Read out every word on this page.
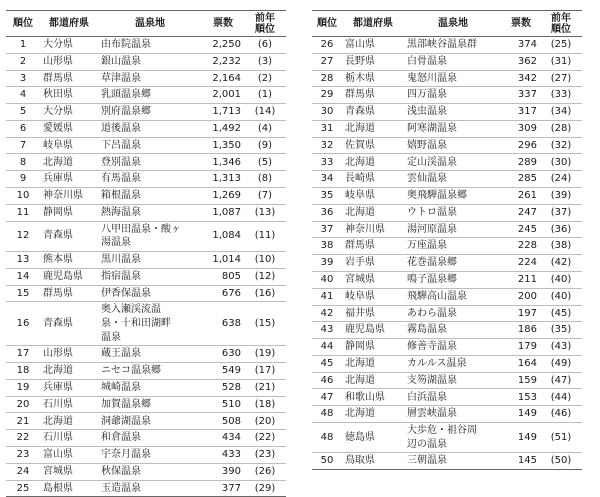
順位	都道府県	温泉地	票数	前年
順位

1	大分県	由布院温泉	2,250	(6)
2	山形県	銀山温泉	2,232	(3)
3	群馬県	草津温泉	2,164	(2)
4	秋田県	乳頭温泉郷	2,001	(1)
5	大分県	別府温泉郷	1,713	(14)
6	愛媛県	道後温泉	1,492	(4)
7	岐阜県	下呂温泉	1,350	(9)
8	北海道	登別温泉	1,346	(5)
9	兵庫県	有馬温泉	1,313	(8)
10	神奈川県	箱根温泉	1,269	(7)
11	静岡県	熱海温泉	1,087	(13)
12	青森県	八甲田温泉・酸ヶ
湯温泉	1,084	(11)
13	熊本県	黒川温泉	1,014	(10)
14	鹿児島県	指宿温泉	805	(12)
15	群馬県	伊香保温泉	676	(16)
16	青森県	奥入瀬渓流温
泉・十和田湖畔
温泉	638	(15)
17	山形県	蔵王温泉	630	(19)
18	北海道	ニセコ温泉郷	549	(17)
19	兵庫県	城崎温泉	528	(21)
20	石川県	加賀温泉郷	510	(18)
21	北海道	洞爺湖温泉	508	(20)
22	石川県	和倉温泉	434	(22)
23	富山県	宇奈月温泉	433	(23)
24	宮城県	秋保温泉	390	(26)
25	島根県	玉造温泉	377	(29)
順位	都道府県	温泉地	票数	前年
順位

26	富山県	黒部峡谷温泉群	374	(25)
27	長野県	白骨温泉	362	(31)
28	栃木県	鬼怒川温泉	342	(27)
29	群馬県	四万温泉	337	(33)
30	青森県	浅虫温泉	317	(34)
31	北海道	阿寒湖温泉	309	(28)
32	佐賀県	嬉野温泉	296	(32)
33	北海道	定山渓温泉	289	(30)
34	長崎県	雲仙温泉	285	(24)
35	岐阜県	奥飛騨温泉郷	261	(39)
36	北海道	ウトロ温泉	247	(37)
37	神奈川県	湯河原温泉	245	(36)
38	群馬県	万座温泉	228	(38)
39	岩手県	花巻温泉郷	224	(42)
40	宮城県	鳴子温泉郷	211	(40)
41	岐阜県	飛騨高山温泉	200	(40)
42	福井県	あわら温泉	197	(45)
43	鹿児島県	霧島温泉	186	(35)
44	静岡県	修善寺温泉	179	(43)
45	北海道	カルルス温泉	164	(49)
46	北海道	支笏湖温泉	159	(47)
47	和歌山県	白浜温泉	153	(44)
48	北海道	層雲峡温泉	149	(46)
48	徳島県	大歩危・祖谷周
辺の温泉	149	(51)
50	鳥取県	三朝温泉	145	(50)
